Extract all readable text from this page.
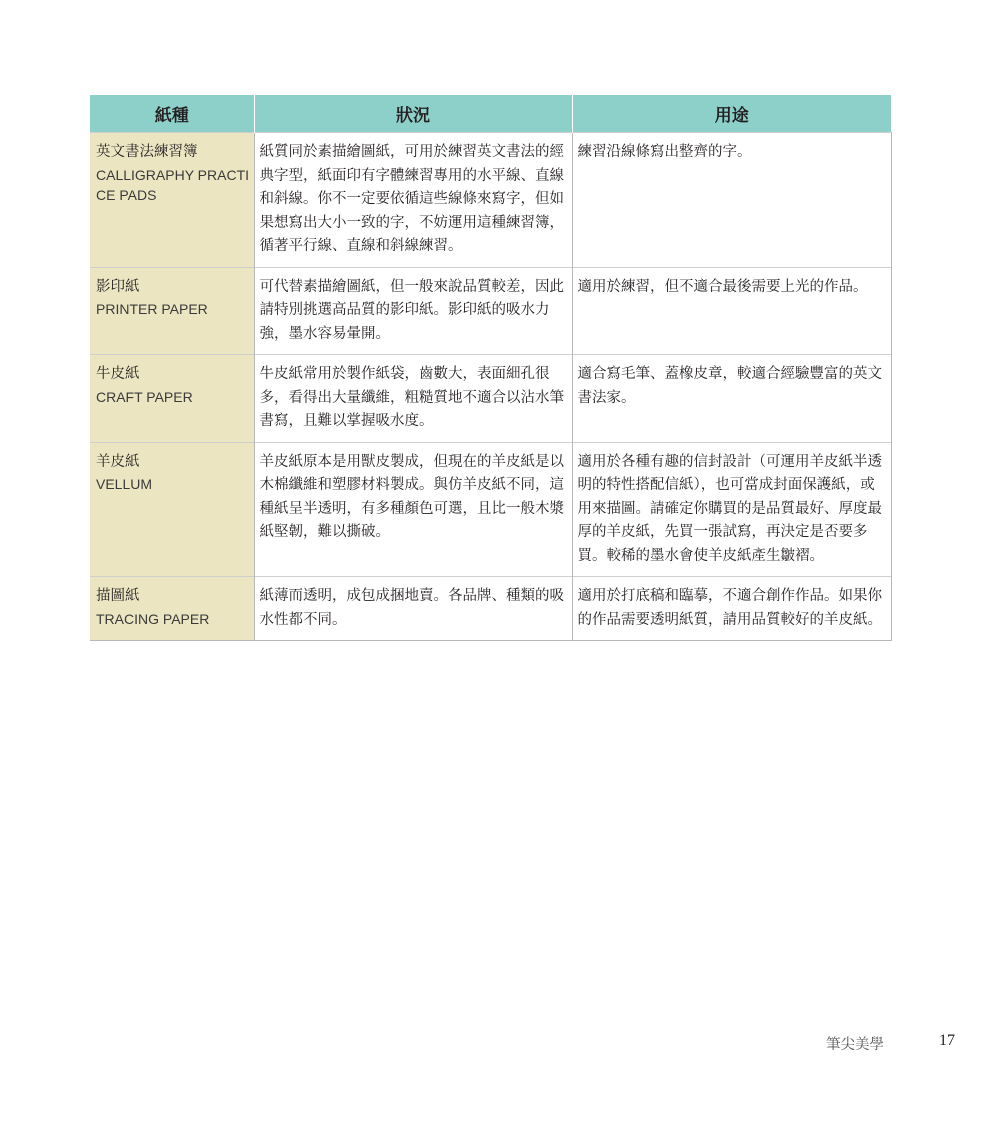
紙種	狀況	用途

英文書法練習簿
CALLIGRAPHY PRACTICE PADS	紙質同於素描繪圖紙，可用於練習英文書法的經典字型，紙面印有字體練習專用的水平線、直線和斜線。你不一定要依循這些線條來寫字，但如果想寫出大小一致的字，不妨運用這種練習簿，循著平行線、直線和斜線練習。	練習沿線條寫出整齊的字。

影印紙
PRINTER PAPER	可代替素描繪圖紙，但一般來說品質較差，因此請特別挑選高品質的影印紙。影印紙的吸水力強，墨水容易暈開。	適用於練習，但不適合最後需要上光的作品。

牛皮紙
CRAFT PAPER	牛皮紙常用於製作紙袋，齒數大，表面細孔很多，看得出大量纖維，粗糙質地不適合以沾水筆書寫，且難以掌握吸水度。	適合寫毛筆、蓋橡皮章，較適合經驗豐富的英文書法家。

羊皮紙
VELLUM	羊皮紙原本是用獸皮製成，但現在的羊皮紙是以木棉纖維和塑膠材料製成。與仿羊皮紙不同，這種紙呈半透明，有多種顏色可選，且比一般木漿紙堅韌，難以撕破。	適用於各種有趣的信封設計（可運用羊皮紙半透明的特性搭配信紙），也可當成封面保護紙，或用來描圖。請確定你購買的是品質最好、厚度最厚的羊皮紙，先買一張試寫，再決定是否要多買。較稀的墨水會使羊皮紙產生皺褶。

描圖紙
TRACING PAPER	紙薄而透明，成包成捆地賣。各品牌、種類的吸水性都不同。	適用於打底稿和臨摹，不適合創作作品。如果你的作品需要透明紙質，請用品質較好的羊皮紙。
筆尖美學	17
